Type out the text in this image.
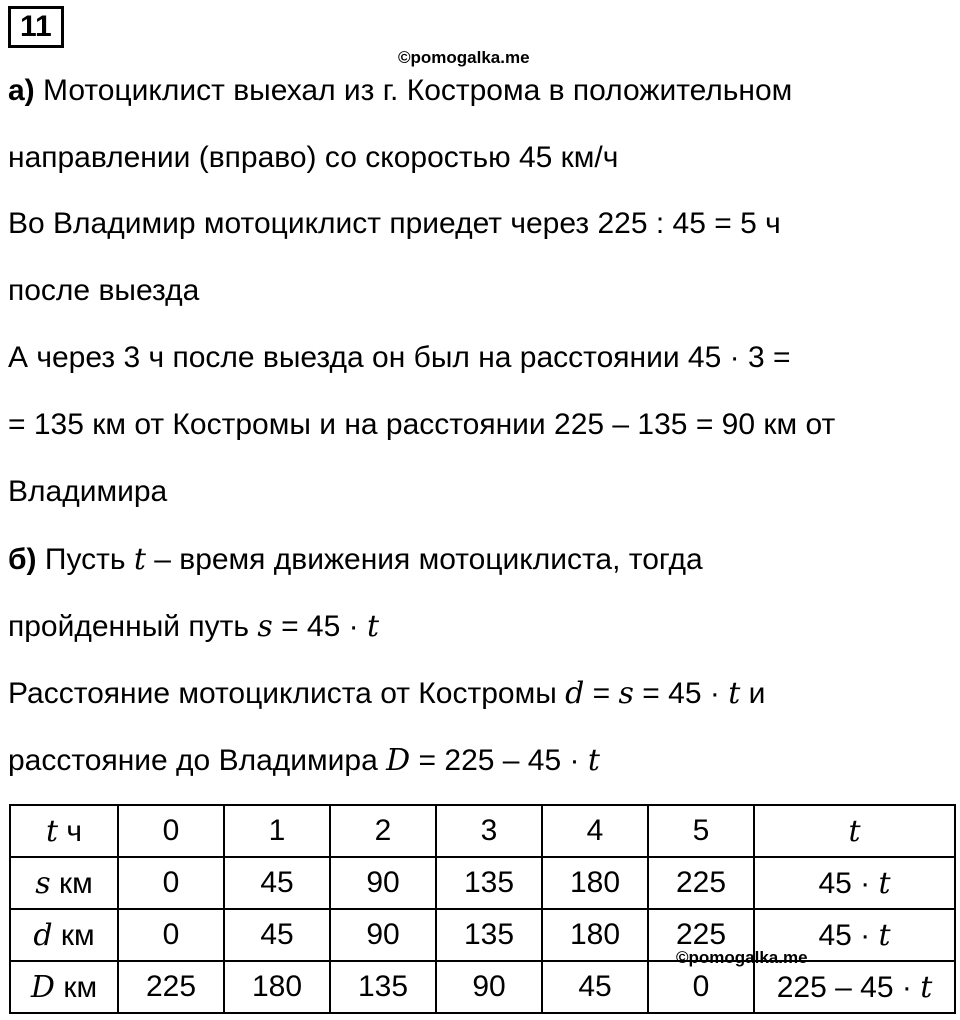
11
©pomogalka.me
а) Мотоциклист выехал из г. Кострома в положительном
направлении (вправо) со скоростью 45 км/ч
Во Владимир мотоциклист приедет через 225 : 45 = 5 ч
после выезда
А через 3 ч после выезда он был на расстоянии 45 · 3 =
= 135 км от Костромы и на расстоянии 225 – 135 = 90 км от
Владимира
б) Пусть t – время движения мотоциклиста, тогда
пройденный путь s = 45 · t
Расстояние мотоциклиста от Костромы d = s = 45 · t и
расстояние до Владимира D = 225 – 45 · t
t ч	0	1	2	3	4	5	t
s км	0	45	90	135	180	225	45 · t
d км	0	45	90	135	180	225	45 · t
D км	225	180	135	90	45	0	225 – 45 · t
©pomogalka.me
